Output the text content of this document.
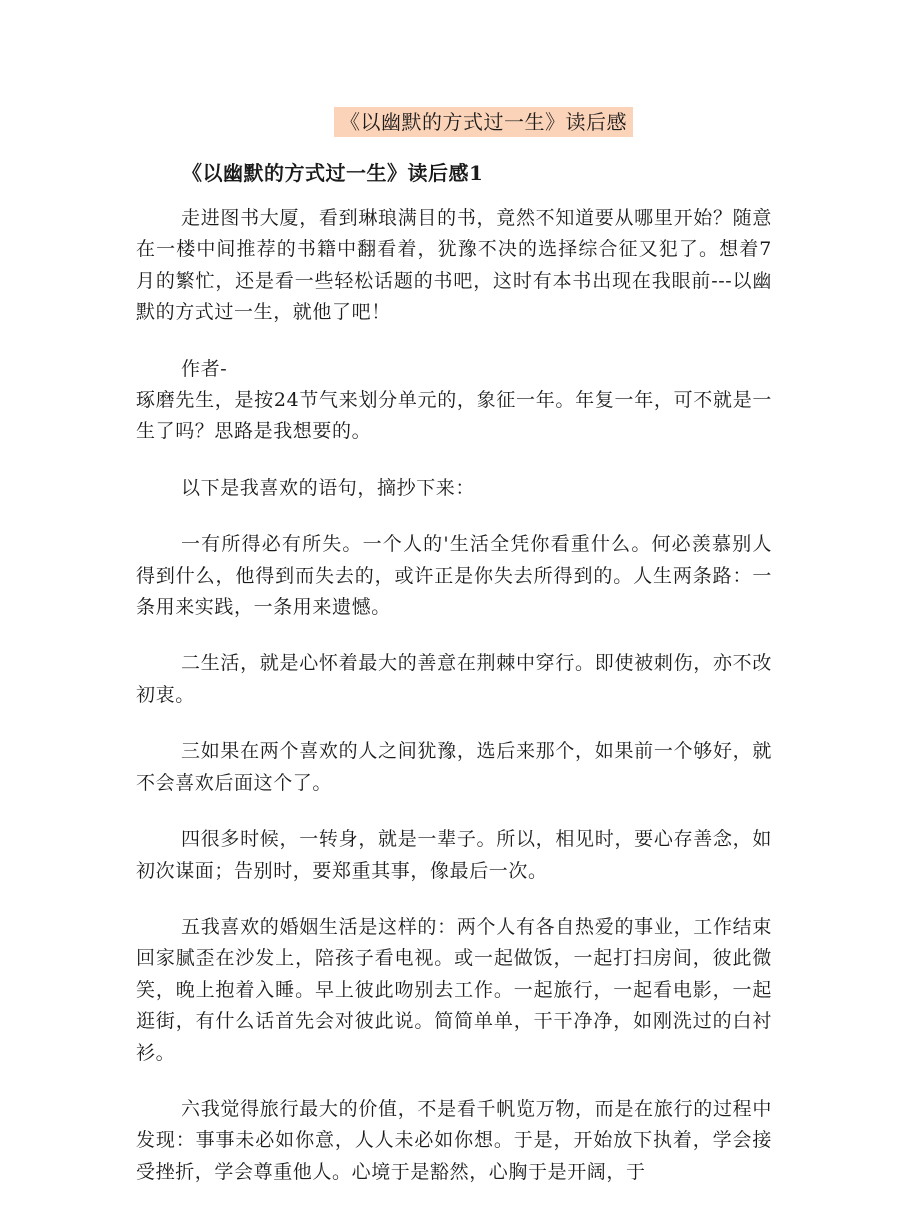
《以幽默的方式过一生》读后感
《以幽默的方式过一生》读后感1

走进图书大厦，看到琳琅满目的书，竟然不知道要从哪里开始？随意在一楼中间推荐的书籍中翻看着，犹豫不决的选择综合征又犯了。想着7月的繁忙，还是看一些轻松话题的书吧，这时有本书出现在我眼前---以幽默的方式过一生，就他了吧！

作者-

琢磨先生，是按24节气来划分单元的，象征一年。年复一年，可不就是一生了吗？思路是我想要的。

以下是我喜欢的语句，摘抄下来：

一有所得必有所失。一个人的'生活全凭你看重什么。何必羡慕别人得到什么，他得到而失去的，或许正是你失去所得到的。人生两条路：一条用来实践，一条用来遗憾。

二生活，就是心怀着最大的善意在荆棘中穿行。即使被刺伤，亦不改初衷。

三如果在两个喜欢的人之间犹豫，选后来那个，如果前一个够好，就不会喜欢后面这个了。

四很多时候，一转身，就是一辈子。所以，相见时，要心存善念，如初次谋面；告别时，要郑重其事，像最后一次。

五我喜欢的婚姻生活是这样的：两个人有各自热爱的事业，工作结束回家腻歪在沙发上，陪孩子看电视。或一起做饭，一起打扫房间，彼此微笑，晚上抱着入睡。早上彼此吻别去工作。一起旅行，一起看电影，一起逛街，有什么话首先会对彼此说。简简单单，干干净净，如刚洗过的白衬衫。

六我觉得旅行最大的价值，不是看千帆览万物，而是在旅行的过程中发现：事事未必如你意，人人未必如你想。于是，开始放下执着，学会接受挫折，学会尊重他人。心境于是豁然，心胸于是开阔，于
